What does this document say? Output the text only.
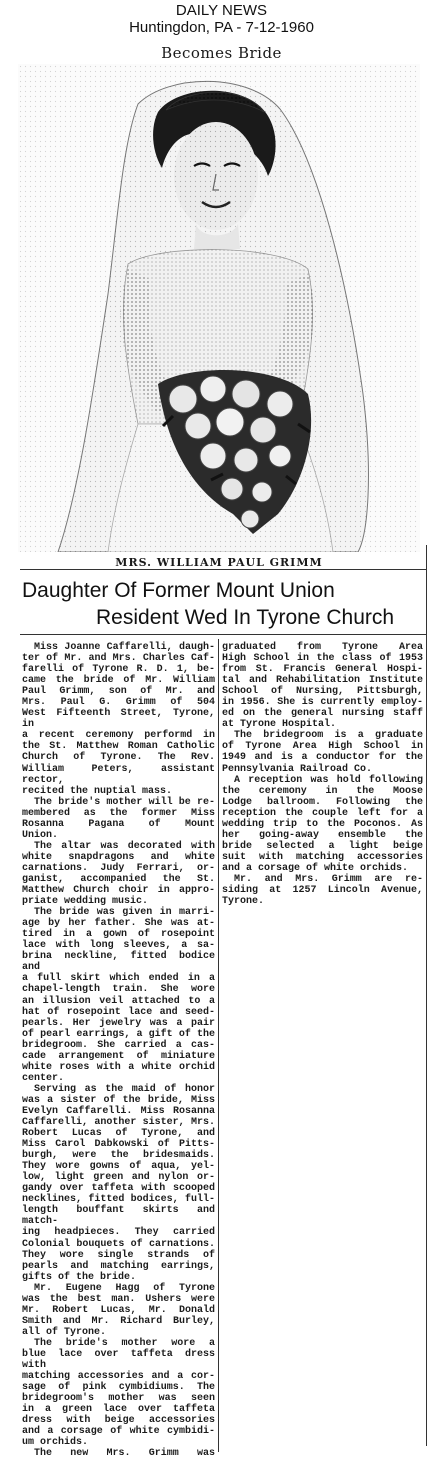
DAILY NEWS
Huntingdon, PA - 7-12-1960
Becomes Bride
MRS. WILLIAM PAUL GRIMM
Daughter Of Former Mount Union
Resident Wed In Tyrone Church

Miss Joanne Caffarelli, daugh-

ter of Mr. and Mrs. Charles Caf-

farelli of Tyrone R. D. 1, be-

came the bride of Mr. William

Paul Grimm, son of Mr. and

Mrs. Paul G. Grimm of 504

West Fifteenth Street, Tyrone, in

a recent ceremony performd in

the St. Matthew Roman Catholic

Church of Tyrone. The Rev.

William Peters, assistant rector,

recited the nuptial mass.

The bride's mother will be re-

membered as the former Miss

Rosanna Pagana of Mount

Union.

The altar was decorated with

white snapdragons and white

carnations. Judy Ferrari, or-

ganist, accompanied the St.

Matthew Church choir in appro-

priate wedding music.

The bride was given in marri-

age by her father. She was at-

tired in a gown of rosepoint

lace with long sleeves, a sa-

brina neckline, fitted bodice and

a full skirt which ended in a

chapel-length train. She wore

an illusion veil attached to a

hat of rosepoint lace and seed-

pearls. Her jewelry was a pair

of pearl earrings, a gift of the

bridegroom. She carried a cas-

cade arrangement of miniature

white roses with a white orchid

center.

Serving as the maid of honor

was a sister of the bride, Miss

Evelyn Caffarelli. Miss Rosanna

Caffarelli, another sister, Mrs.

Robert Lucas of Tyrone, and

Miss Carol Dabkowski of Pitts-

burgh, were the bridesmaids.

They wore gowns of aqua, yel-

low, light green and nylon or-

gandy over taffeta with scooped

necklines, fitted bodices, full-

length bouffant skirts and match-

ing headpieces. They carried

Colonial bouquets of carnations.

They wore single strands of

pearls and matching earrings,

gifts of the bride.

Mr. Eugene Hagg of Tyrone

was the best man. Ushers were

Mr. Robert Lucas, Mr. Donald

Smith and Mr. Richard Burley,

all of Tyrone.

The bride's mother wore a

blue lace over taffeta dress with

matching accessories and a cor-

sage of pink cymbidiums. The

bridegroom's mother was seen

in a green lace over taffeta

dress with beige accessories

and a corsage of white cymbidi-

um orchids.

The new Mrs. Grimm was

graduated from Tyrone Area

High School in the class of 1953

from St. Francis General Hospi-

tal and Rehabilitation Institute

School of Nursing, Pittsburgh,

in 1956. She is currently employ-

ed on the general nursing staff

at Tyrone Hospital.

The bridegroom is a graduate

of Tyrone Area High School in

1949 and is a conductor for the

Pennsylvania Railroad Co.

A reception was hold following

the ceremony in the Moose

Lodge ballroom. Following the

reception the couple left for a

wedding trip to the Poconos. As

her going-away ensemble the

bride selected a light beige

suit with matching accessories

and a corsage of white orchids.

Mr. and Mrs. Grimm are re-

siding at 1257 Lincoln Avenue,

Tyrone.
